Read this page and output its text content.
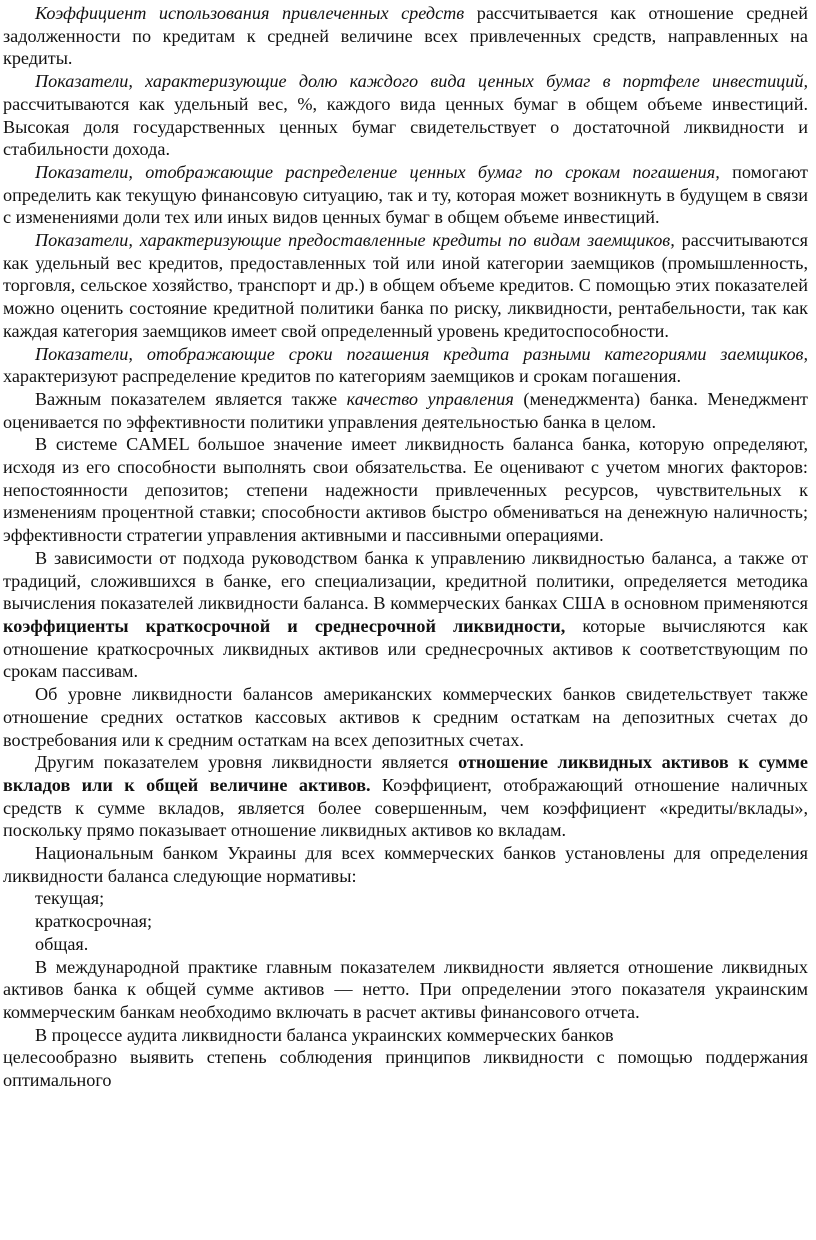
Коэффициент использования привлеченных средств рассчитывается как отношение средней задолженности по кредитам к средней величине всех привлеченных средств, направленных на кредиты.

Показатели, характеризующие долю каждого вида ценных бумаг в портфеле инвестиций, рассчитываются как удельный вес, %, каждого вида ценных бумаг в общем объеме инвестиций. Высокая доля государственных ценных бумаг свидетельствует о достаточной ликвидности и стабильности дохода.

Показатели, отображающие распределение ценных бумаг по срокам погашения, помогают определить как текущую финансовую ситуацию, так и ту, которая может возникнуть в будущем в связи с изменениями доли тех или иных видов ценных бумаг в общем объеме инвестиций.

Показатели, характеризующие предоставленные кредиты по видам заемщиков, рассчитываются как удельный вес кредитов, предоставленных той или иной категории заемщиков (промышленность, торговля, сельское хозяйство, транспорт и др.) в общем объеме кредитов. С помощью этих показателей можно оценить состояние кредитной политики банка по риску, ликвидности, рентабельности, так как каждая категория заемщиков имеет свой определенный уровень кредитоспособности.

Показатели, отображающие сроки погашения кредита разными категориями заемщиков, характеризуют распределение кредитов по категориям заемщиков и срокам погашения.

Важным показателем является также качество управления (менеджмента) банка. Менеджмент оценивается по эффективности политики управления деятельностью банка в целом.

В системе CAMEL большое значение имеет ликвидность баланса банка, которую определяют, исходя из его способности выполнять свои обязательства. Ее оценивают с учетом многих факторов: непостоянности депозитов; степени надежности привлеченных ресурсов, чувствительных к изменениям процентной ставки; способности активов быстро обмениваться на денежную наличность; эффективности стратегии управления активными и пассивными операциями.

В зависимости от подхода руководством банка к управлению ликвидностью баланса, а также от традиций, сложившихся в банке, его специализации, кредитной политики, определяется методика вычисления показателей ликвидности баланса. В коммерческих банках США в основном применяются коэффициенты краткосрочной и среднесрочной ликвидности, которые вычисляются как отношение краткосрочных ликвидных активов или среднесрочных активов к соответствующим по срокам пассивам.

Об уровне ликвидности балансов американских коммерческих банков свидетельствует также отношение средних остатков кассовых активов к средним остаткам на депозитных счетах до востребования или к средним остаткам на всех депозитных счетах.

Другим показателем уровня ликвидности является отношение ликвидных активов к сумме вкладов или к общей величине активов. Коэффициент, отображающий отношение наличных средств к сумме вкладов, является более совершенным, чем коэффициент «кредиты/вклады», поскольку прямо показывает отношение ликвидных активов ко вкладам.

Национальным банком Украины для всех коммерческих банков установлены для определения ликвидности баланса следующие нормативы:

текущая;

краткосрочная;

общая.

В международной практике главным показателем ликвидности является отношение ликвидных активов банка к общей сумме активов — нетто. При определении этого показателя украинским коммерческим банкам необходимо включать в расчет активы финансового отчета.

В процессе аудита ликвидности баланса украинских коммерческих банков

целесообразно выявить степень соблюдения принципов ликвидности с помощью поддержания оптимального
